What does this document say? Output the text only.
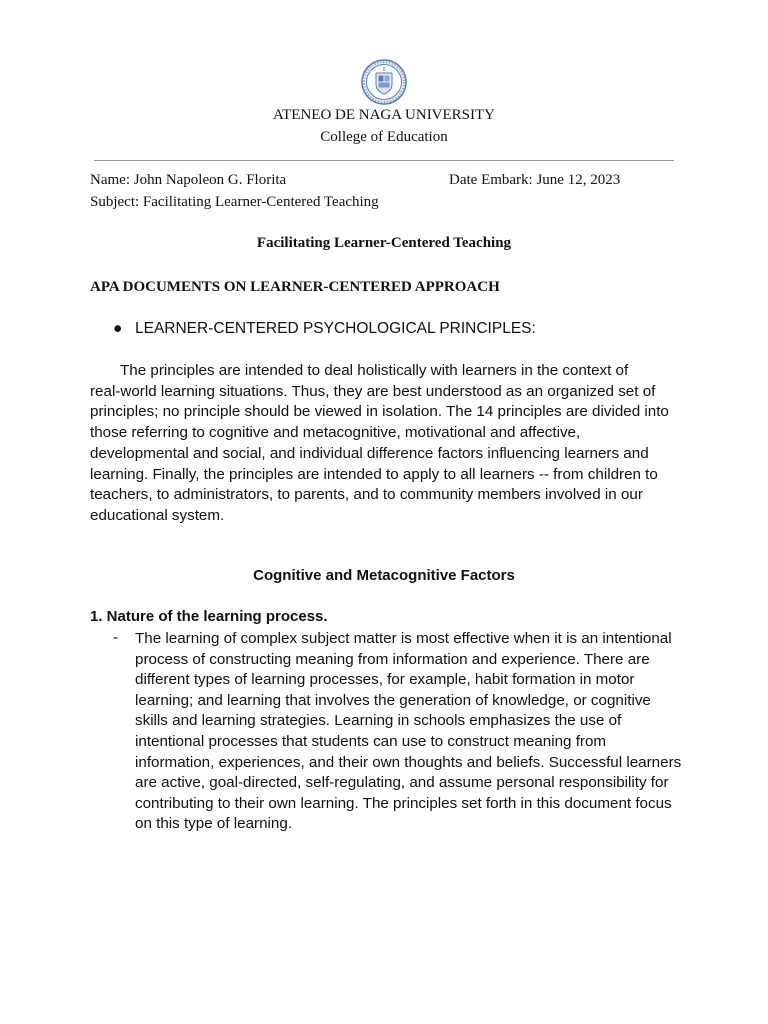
ATENEO DE NAGA UNIVERSITY
College of Education
Name: John Napoleon G. Florita	Date Embark: June 12, 2023
Subject: Facilitating Learner-Centered Teaching
Facilitating Learner-Centered Teaching
APA DOCUMENTS ON LEARNER-CENTERED APPROACH
● LEARNER-CENTERED PSYCHOLOGICAL PRINCIPLES:
The principles are intended to deal holistically with learners in the context of
real-world learning situations. Thus, they are best understood as an organized set of
principles; no principle should be viewed in isolation. The 14 principles are divided into
those referring to cognitive and metacognitive, motivational and affective,
developmental and social, and individual difference factors influencing learners and
learning. Finally, the principles are intended to apply to all learners -- from children to
teachers, to administrators, to parents, and to community members involved in our
educational system.
Cognitive and Metacognitive Factors
1. Nature of the learning process.
- The learning of complex subject matter is most effective when it is an intentional
process of constructing meaning from information and experience. There are
different types of learning processes, for example, habit formation in motor
learning; and learning that involves the generation of knowledge, or cognitive
skills and learning strategies. Learning in schools emphasizes the use of
intentional processes that students can use to construct meaning from
information, experiences, and their own thoughts and beliefs. Successful learners
are active, goal-directed, self-regulating, and assume personal responsibility for
contributing to their own learning. The principles set forth in this document focus
on this type of learning.
